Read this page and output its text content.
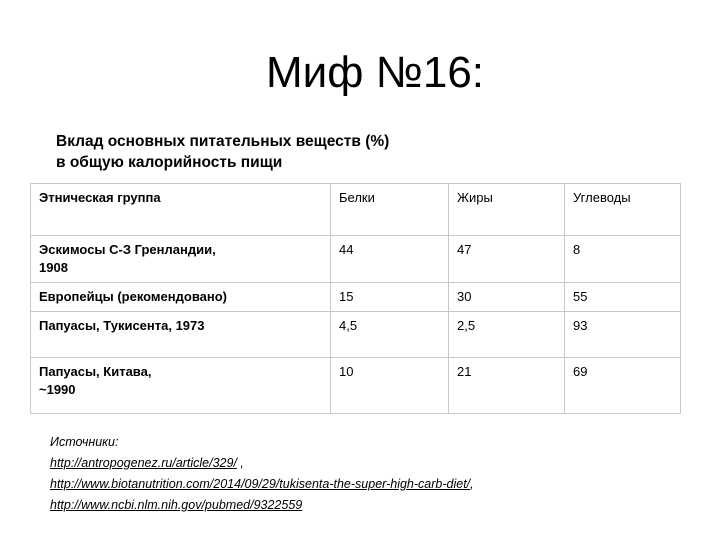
Миф №16:
Вклад основных питательных веществ (%)
в общую калорийность пищи
Этническая группа	Белки	Жиры	Углеводы
Эскимосы С-З Гренландии, 1908	44	47	8
Европейцы (рекомендовано)	15	30	55
Папуасы, Тукисента, 1973	4,5	2,5	93
Папуасы, Китава, ~1990	10	21	69
Источники:
http://antropogenez.ru/article/329/ ,
http://www.biotanutrition.com/2014/09/29/tukisenta-the-super-high-carb-diet/,
http://www.ncbi.nlm.nih.gov/pubmed/9322559
